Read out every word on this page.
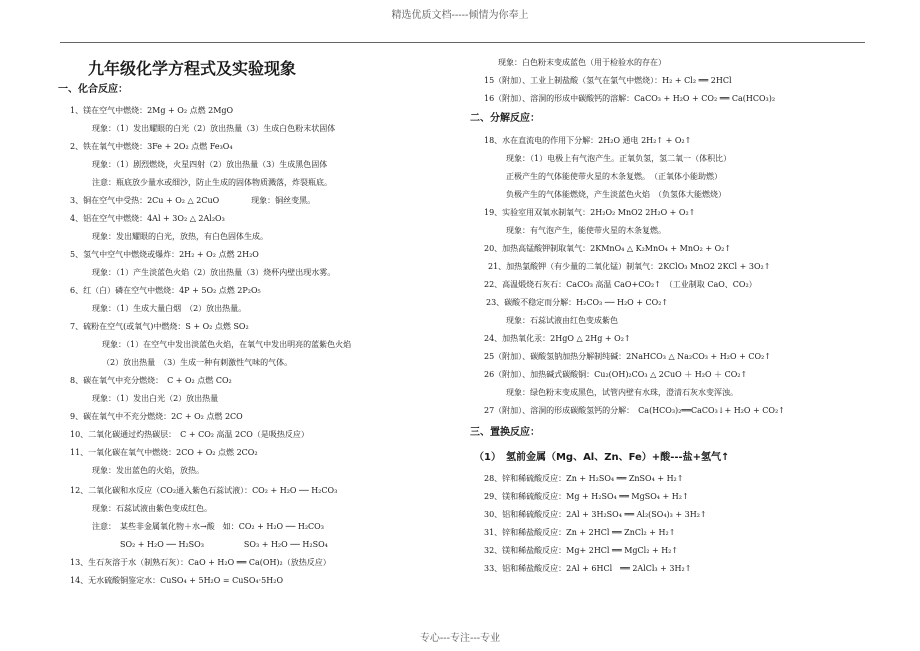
精选优质文档-----倾情为你奉上
九年级化学方程式及实验现象
一、化合反应：
1、镁在空气中燃烧：2Mg + O₂ 点燃 2MgO
现象：（1）发出耀眼的白光（2）放出热量（3）生成白色粉末状固体
2、铁在氧气中燃烧：3Fe + 2O₂ 点燃 Fe₃O₄
现象：（1）剧烈燃烧，火星四射（2）放出热量（3）生成黑色固体
注意：瓶底放少量水或细沙，防止生成的固体物质溅落，炸裂瓶底。
3、铜在空气中受热：2Cu + O₂ △ 2CuO　　　　现象：铜丝变黑。
4、铝在空气中燃烧：4Al + 3O₂ △ 2Al₂O₃
现象：发出耀眼的白光，放热，有白色固体生成。
5、氢气中空气中燃烧或爆炸：2H₂ + O₂ 点燃 2H₂O
现象：（1）产生淡蓝色火焰（2）放出热量（3）烧杯内壁出现水雾。
6、红（白）磷在空气中燃烧：4P + 5O₂ 点燃 2P₂O₅
现象：（1）生成大量白烟　（2）放出热量。
7、硫粉在空气(或氧气)中燃烧：S + O₂ 点燃 SO₂
现象：（1）在空气中发出淡蓝色火焰，在氧气中发出明亮的蓝紫色火焰
（2）放出热量　（3）生成一种有刺激性气味的气体。
8、碳在氧气中充分燃烧：　C + O₂ 点燃 CO₂
现象：（1）发出白光（2）放出热量
9、碳在氧气中不充分燃烧：2C + O₂ 点燃 2CO
10、二氧化碳通过灼热碳层：　C + CO₂ 高温 2CO（是吸热反应）
11、一氧化碳在氧气中燃烧：2CO + O₂ 点燃 2CO₂
现象：发出蓝色的火焰，放热。
12、二氧化碳和水反应（CO₂通入紫色石蕊试液）：CO₂ + H₂O ── H₂CO₃
现象：石蕊试液由紫色变成红色。
注意：　某些非金属氧化物＋水→酸　如：CO₂ + H₂O ── H₂CO₃
SO₂ + H₂O ── H₂SO₃　　　　　SO₃ + H₂O ── H₂SO₄
13、生石灰溶于水（制熟石灰）：CaO + H₂O ══ Ca(OH)₂（放热反应）
14、无水硫酸铜鉴定水：CuSO₄ + 5H₂O = CuSO₄·5H₂O
现象：白色粉末变成蓝色（用于检验水的存在）
15（附加）、工业上制盐酸（氢气在氯气中燃烧）：H₂ + Cl₂ ══ 2HCl
16（附加）、溶洞的形成中碳酸钙的溶解：CaCO₃ + H₂O + CO₂ ══ Ca(HCO₃)₂
二、分解反应：
18、水在直流电的作用下分解：2H₂O 通电 2H₂↑ + O₂↑
现象：（1）电极上有气泡产生。正氧负氢，氢二氧一（体积比）
正极产生的气体能使带火星的木条复燃。　（正氧体小能助燃）
负极产生的气体能燃烧，产生淡蓝色火焰　（负氢体大能燃烧）
19、实验室用双氧水制氧气：2H₂O₂ MnO2 2H₂O + O₂↑
现象：有气泡产生，能使带火星的木条复燃。
20、加热高锰酸钾制取氧气：2KMnO₄ △ K₂MnO₄ + MnO₂ + O₂↑
21、加热氯酸钾（有少量的二氧化锰）制氧气：2KClO₃ MnO2 2KCl + 3O₂↑
22、高温煅烧石灰石：CaCO₃ 高温 CaO+CO₂↑　（工业制取 CaO、CO₂）
23、碳酸不稳定而分解：H₂CO₃ ── H₂O + CO₂↑
现象：石蕊试液由红色变成紫色
24、加热氧化汞：2HgO △ 2Hg + O₂↑
25（附加）、碳酸氢钠加热分解制纯碱：2NaHCO₃ △ Na₂CO₃ + H₂O + CO₂↑
26（附加）、加热碱式碳酸铜：Cu₂(OH)₂CO₃ △ 2CuO ＋ H₂O ＋ CO₂↑
现象：绿色粉末变成黑色，试管内壁有水珠，澄清石灰水变浑浊。
27（附加）、溶洞的形成碳酸氢钙的分解：　Ca(HCO₃)₂══CaCO₃↓+ H₂O + CO₂↑
三、置换反应：
（1）　氢前金属（Mg、Al、Zn、Fe）+酸---盐+氢气↑
28、锌和稀硫酸反应：Zn + H₂SO₄ ══ ZnSO₄ + H₂↑
29、镁和稀硫酸反应：Mg + H₂SO₄ ══ MgSO₄ + H₂↑
30、铝和稀硫酸反应：2Al + 3H₂SO₄ ══ Al₂(SO₄)₃ + 3H₂↑
31、锌和稀盐酸反应：Zn + 2HCl ══ ZnCl₂ + H₂↑
32、镁和稀盐酸反应：Mg+ 2HCl ══ MgCl₂ + H₂↑
33、铝和稀盐酸反应：2Al + 6HCl　══ 2AlCl₃ + 3H₂↑
专心---专注---专业
